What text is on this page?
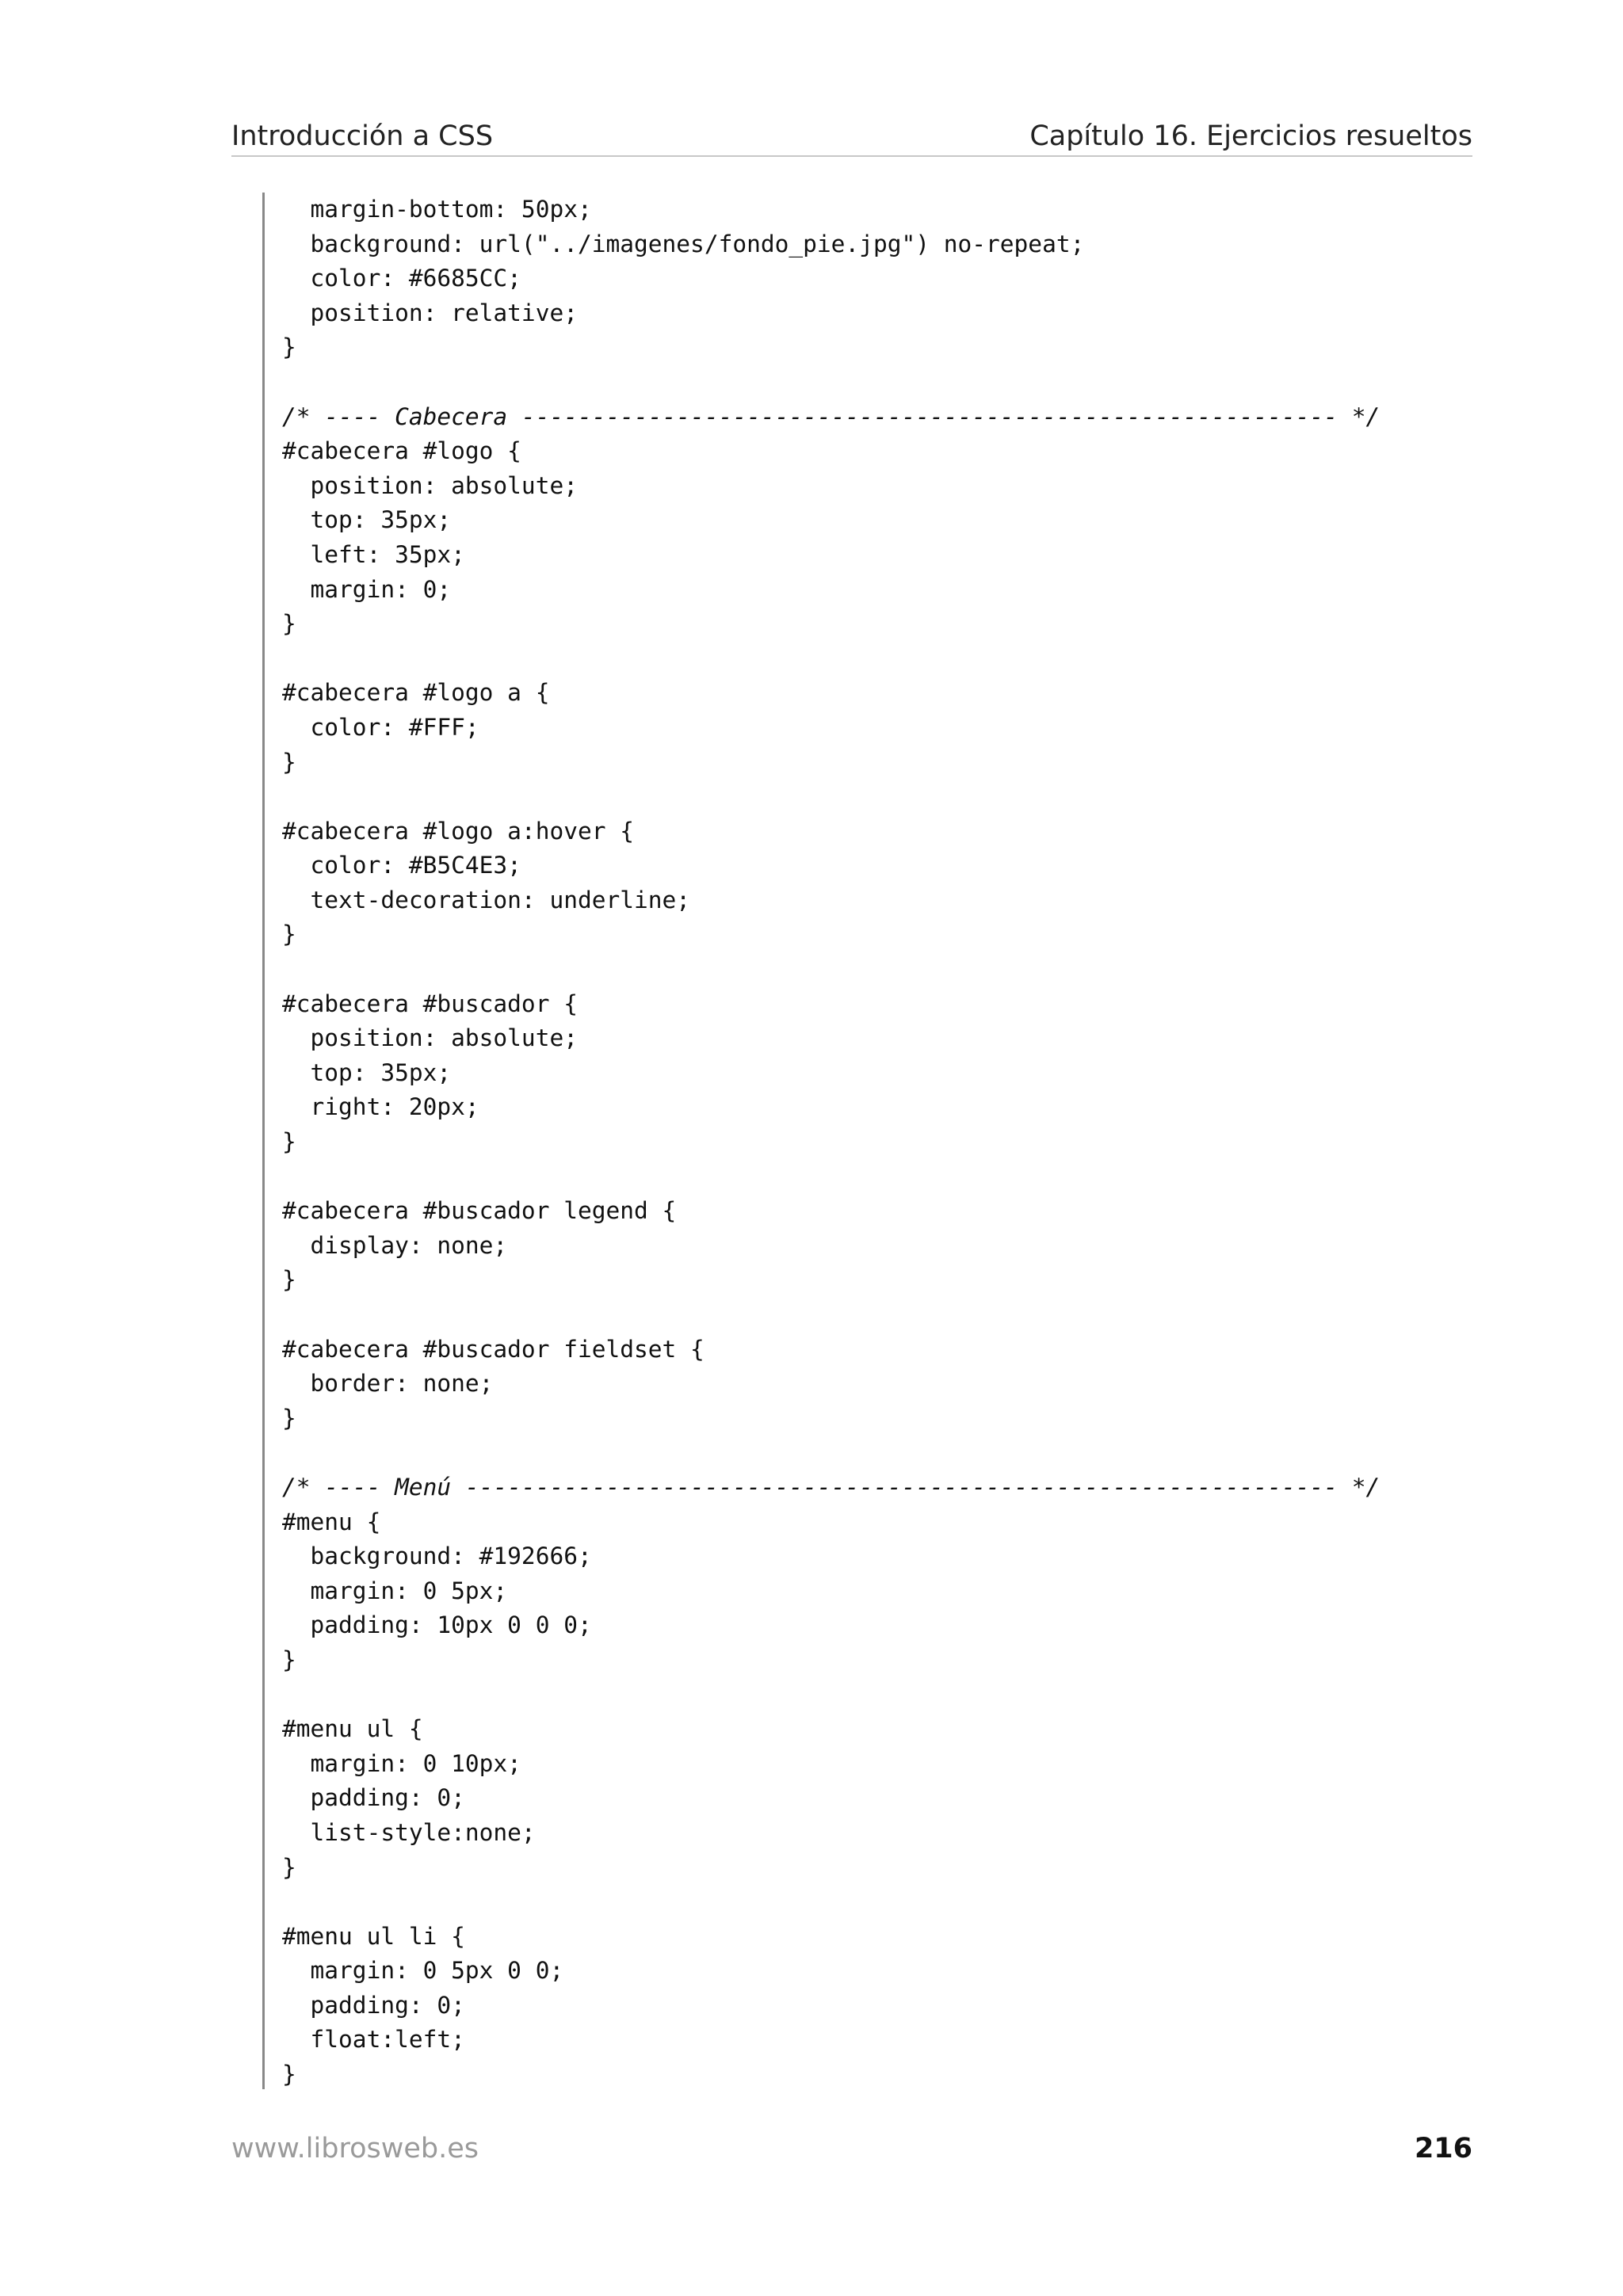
Introducción a CSS	Capítulo 16. Ejercicios resueltos
margin-bottom: 50px;
background: url("../imagenes/fondo_pie.jpg") no-repeat;
color: #6685CC;
position: relative;
}
/* ---- Cabecera ---------------------------------------------------------- */
#cabecera #logo {
position: absolute;
top: 35px;
left: 35px;
margin: 0;
}
#cabecera #logo a {
color: #FFF;
}
#cabecera #logo a:hover {
color: #B5C4E3;
text-decoration: underline;
}
#cabecera #buscador {
position: absolute;
top: 35px;
right: 20px;
}
#cabecera #buscador legend {
display: none;
}
#cabecera #buscador fieldset {
border: none;
}
/* ---- Menú -------------------------------------------------------------- */
#menu {
background: #192666;
margin: 0 5px;
padding: 10px 0 0 0;
}
#menu ul {
margin: 0 10px;
padding: 0;
list-style:none;
}
#menu ul li {
margin: 0 5px 0 0;
padding: 0;
float:left;
}
www.librosweb.es	216
